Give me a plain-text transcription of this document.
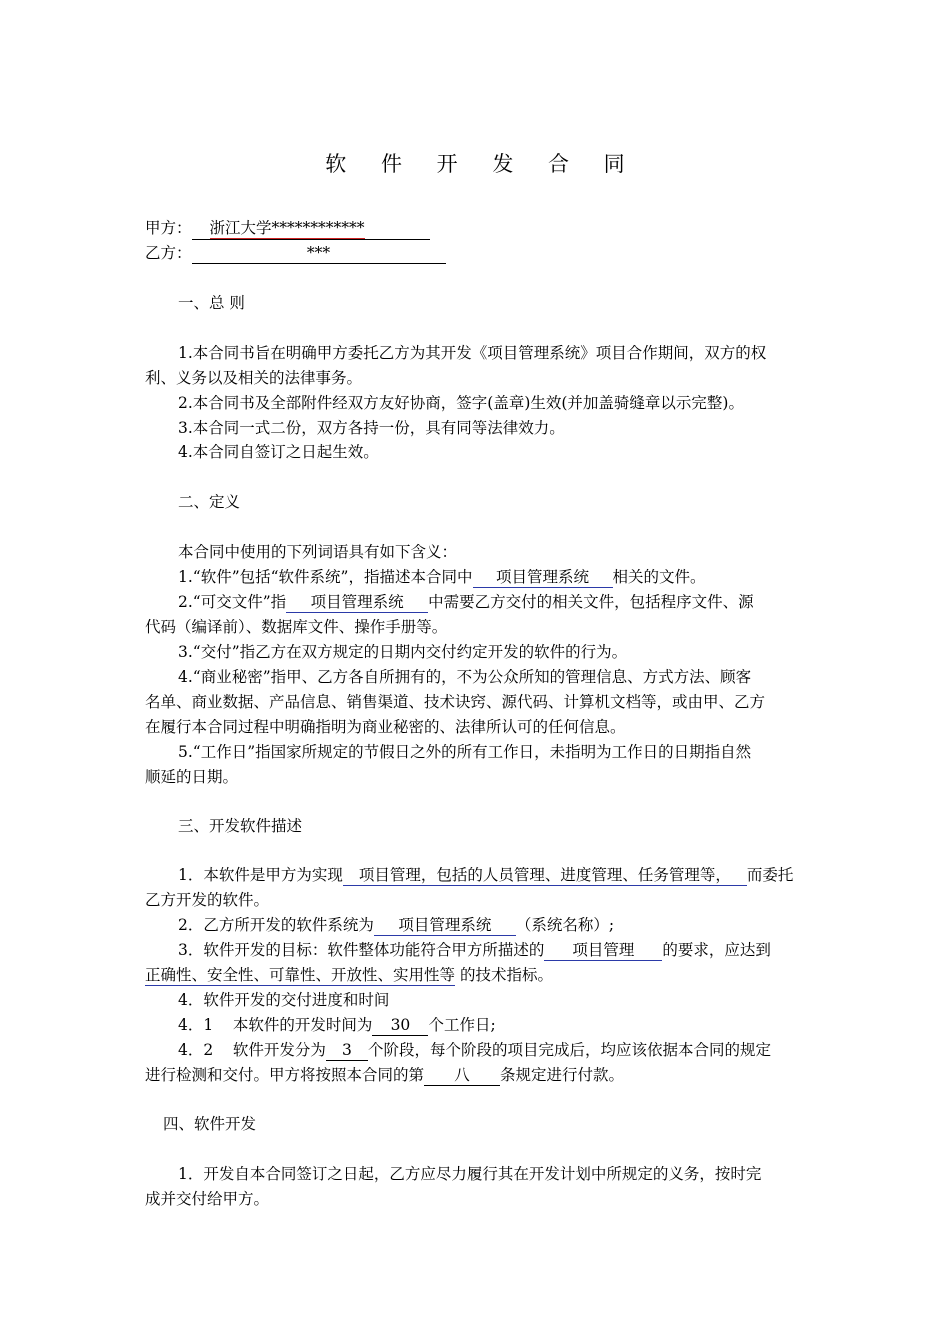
软 件 开 发 合 同
甲方： 浙江大学************
乙方：	***
一、总 则
1.本合同书旨在明确甲方委托乙方为其开发《项目管理系统》项目合作期间，双方的权
利、义务以及相关的法律事务。
2.本合同书及全部附件经双方友好协商，签字(盖章)生效(并加盖骑缝章以示完整)。
3.本合同一式二份，双方各持一份，具有同等法律效力。
4.本合同自签订之日起生效。
二、定义
本合同中使用的下列词语具有如下含义：
1.“软件”包括“软件系统”，指描述本合同中 项目管理系统 相关的文件。
2.“可交文件”指 项目管理系统 中需要乙方交付的相关文件，包括程序文件、源
代码（编译前）、数据库文件、操作手册等。
3.“交付”指乙方在双方规定的日期内交付约定开发的软件的行为。
4.“商业秘密”指甲、乙方各自所拥有的，不为公众所知的管理信息、方式方法、顾客
名单、商业数据、产品信息、销售渠道、技术诀窍、源代码、计算机文档等，或由甲、乙方
在履行本合同过程中明确指明为商业秘密的、法律所认可的任何信息。
5.“工作日”指国家所规定的节假日之外的所有工作日，未指明为工作日的日期指自然
顺延的日期。
三、开发软件描述
1．本软件是甲方为实现 项目管理，包括的人员管理、进度管理、任务管理等， 而委托
乙方开发的软件。
2．乙方所开发的软件系统为 项目管理系统 （系统名称）;
3．软件开发的目标：软件整体功能符合甲方所描述的 项目管理 的要求，应达到
正确性、安全性、可靠性、开放性、实用性等 的技术指标。
4．软件开发的交付进度和时间
4．1    本软件的开发时间为 30 个工作日;
4．2    软件开发分为 3 个阶段，每个阶段的项目完成后，均应该依据本合同的规定
进行检测和交付。甲方将按照本合同的第 八 条规定进行付款。
四、软件开发
1．开发自本合同签订之日起，乙方应尽力履行其在开发计划中所规定的义务，按时完
成并交付给甲方。
